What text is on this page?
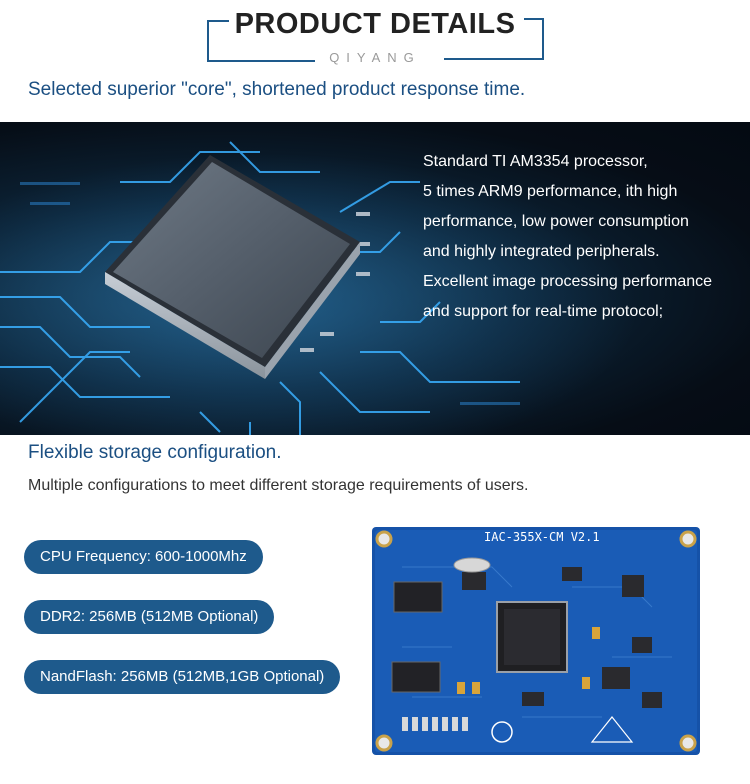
PRODUCT DETAILS
QIYANG
Selected superior "core", shortened product response time.
Standard TI AM3354 processor,
5 times ARM9 performance, ith high
performance, low power consumption
and highly integrated peripherals.
Excellent image processing performance
and support for real-time protocol;
Flexible storage configuration.
Multiple configurations to meet different storage requirements of users.
CPU Frequency: 600-1000Mhz
DDR2: 256MB (512MB Optional)
NandFlash: 256MB (512MB,1GB Optional)
IAC-355X-CM V2.1
